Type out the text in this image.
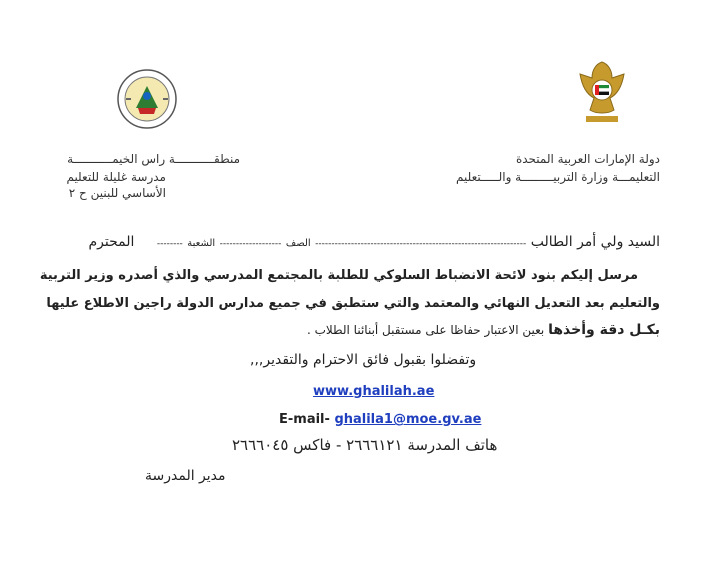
دولة الإمارات العربية المتحدة
التعليمـــة وزارة التربيـــــــــة والـــــتعليم
منطقـــــــــــة راس الخيمـــــــــــة
مدرسة غليلة للتعليم
الأساسي للبنين ح ٢
السيد ولي أمر الطالب ----------------------------------------------------------------- الصف ------------------- الشعبة -------- المحترم
مرسل إليكم بنود لائحة الانضباط السلوكي للطلبة بالمجتمع المدرسي والذي أصدره وزير التربية
والتعليم بعد التعديل النهائي والمعتمد والتي ستطبق في جميع مدارس الدولة راجين الاطلاع عليها
بكـل دقة وأخذها بعين الاعتبار حفاظا على مستقبل أبنائنا الطلاب .
وتفضلوا بقبول فائق الاحترام والتقدير,,,
www.ghalilah.ae
E-mail- ghalila1@moe.gv.ae
هاتف المدرسة ٢٦٦٦١٢١ - فاكس ٢٦٦٦٠٤٥
مدير المدرسة
